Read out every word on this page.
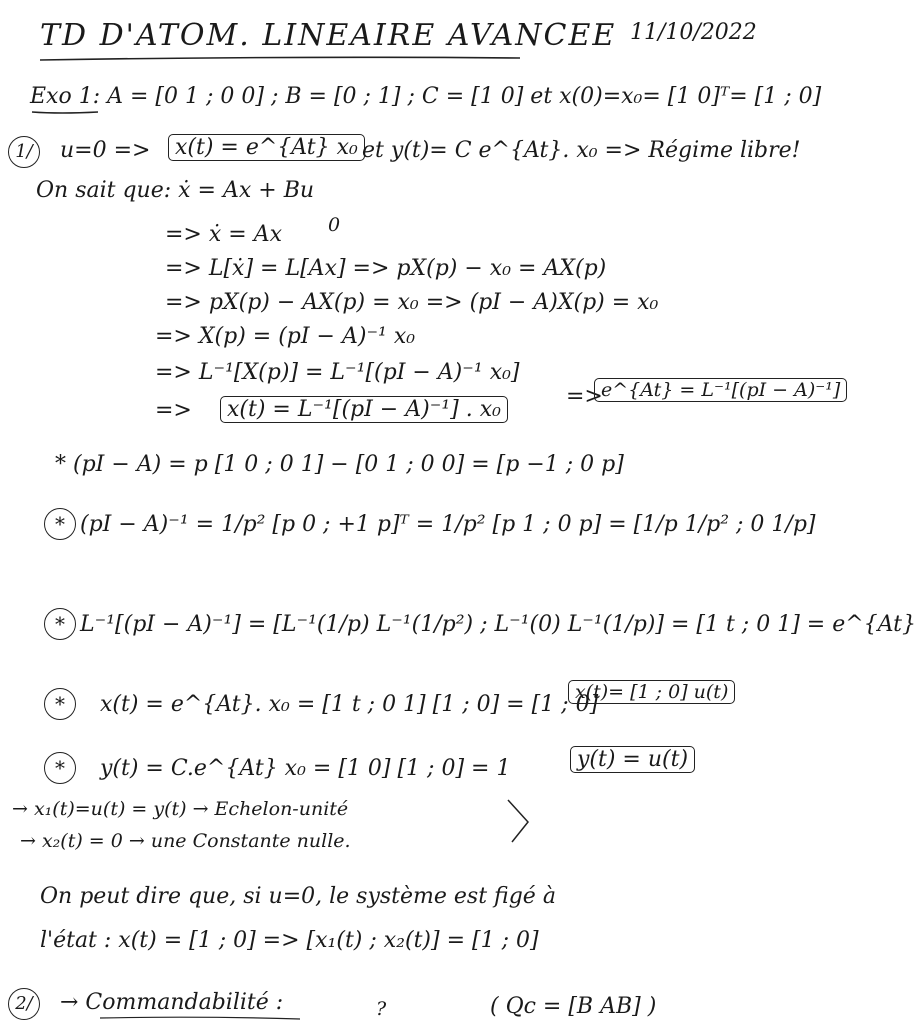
TD D'ATOM. LINEAIRE AVANCEE 11/10/2022
Exo 1: A = [0 1 ; 0 0] ; B = [0 ; 1] ; C = [1 0] et x(0)=x₀= [1 0]ᵀ= [1 ; 0]
1/	u=0 =>	x(t) = e^{At} x₀ et y(t)= C e^{At}. x₀ => Régime libre!
On sait que: ẋ = Ax + Bu
0
=> ẋ = Ax
=> L[ẋ] = L[Ax] => pX(p) − x₀ = AX(p)
=> pX(p) − AX(p) = x₀ => (pI − A)X(p) = x₀
=> X(p) = (pI − A)⁻¹ x₀
=> L⁻¹[X(p)] = L⁻¹[(pI − A)⁻¹ x₀]
=>	x(t) = L⁻¹[(pI − A)⁻¹] . x₀
=>
e^{At} = L⁻¹[(pI − A)⁻¹]
* (pI − A) = p [1 0 ; 0 1] − [0 1 ; 0 0] = [p −1 ; 0 p]
* (pI − A)⁻¹ = 1/p² [p 0 ; +1 p]ᵀ = 1/p² [p 1 ; 0 p] = [1/p 1/p² ; 0 1/p]
* L⁻¹[(pI − A)⁻¹] = [L⁻¹(1/p) L⁻¹(1/p²) ; L⁻¹(0) L⁻¹(1/p)] = [1 t ; 0 1] = e^{At}
*	x(t) = e^{At}. x₀ = [1 t ; 0 1] [1 ; 0] = [1 ; 0]
x(t)= [1 ; 0] u(t)
*	y(t) = C.e^{At} x₀ = [1 0] [1 ; 0] = 1	y(t) = u(t)
→ x₁(t)=u(t) = y(t) → Echelon-unité
→ x₂(t) = 0 → une Constante nulle.
On peut dire que, si u=0, le système est figé à
l'état : x(t) = [1 ; 0] => [x₁(t) ; x₂(t)] = [1 ; 0]
2/	→ Commandabilité :	?	( Qc = [B AB] )
